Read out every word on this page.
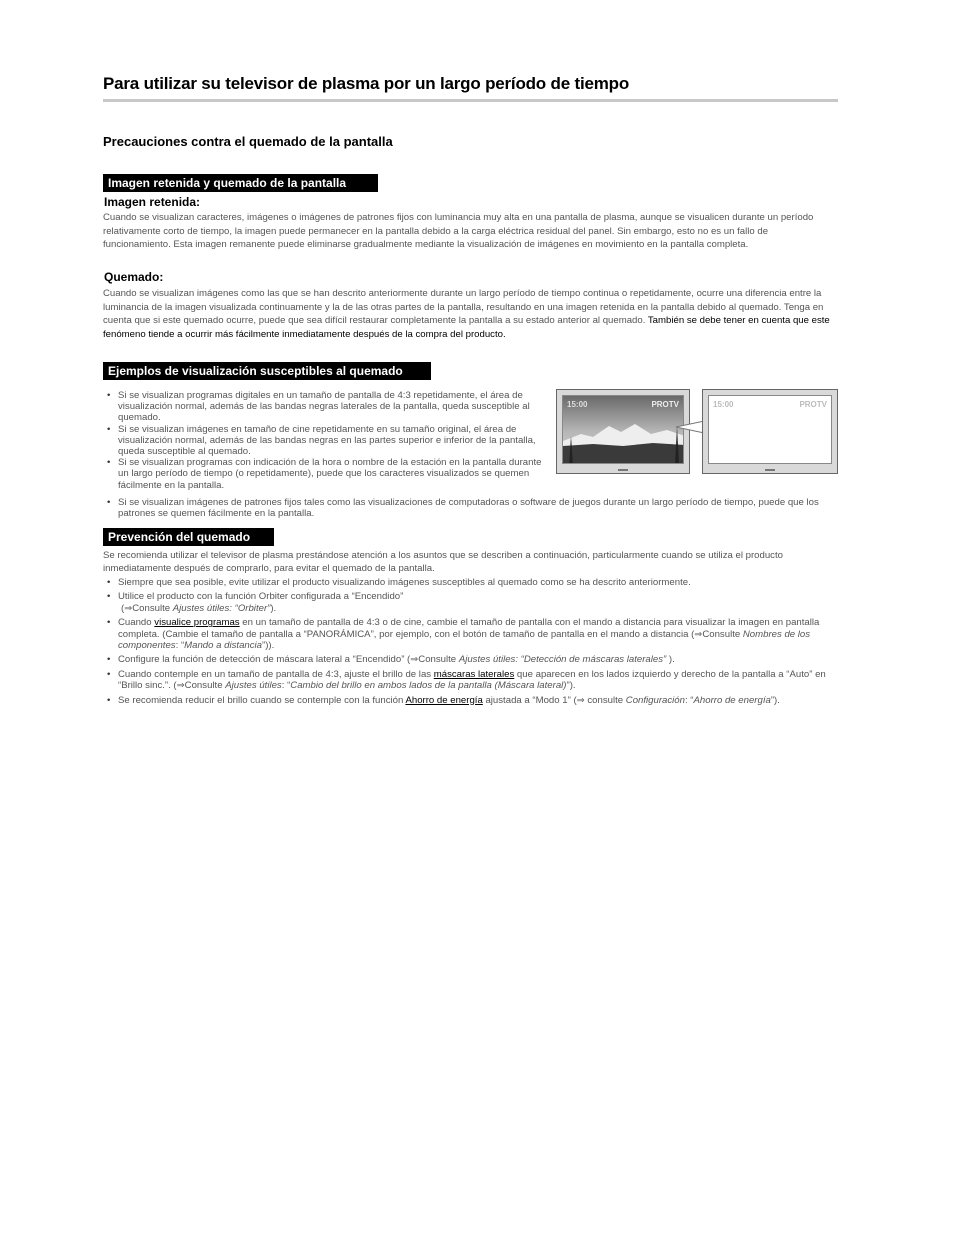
Para utilizar su televisor de plasma por un largo período de tiempo
Precauciones contra el quemado de la pantalla
Imagen retenida y quemado de la pantalla
Imagen retenida:

Cuando se visualizan caracteres, imágenes o imágenes de patrones fijos con luminancia muy alta en una pantalla de plasma, aunque se visualicen durante un período relativamente corto de tiempo, la imagen puede permanecer en la pantalla debido a la carga eléctrica residual del panel. Sin embargo, esto no es un fallo de funcionamiento. Esta imagen remanente puede eliminarse gradualmente mediante la visualización de imágenes en movimiento en la pantalla completa.

Quemado:

Cuando se visualizan imágenes como las que se han descrito anteriormente durante un largo período de tiempo continua o repetidamente, ocurre una diferencia entre la luminancia de la imagen visualizada continuamente y la de las otras partes de la pantalla, resultando en una imagen retenida en la pantalla debido al quemado. Tenga en cuenta que si este quemado ocurre, puede que sea difícil restaurar completamente la pantalla a su estado anterior al quemado. También se debe tener en cuenta que este fenómeno tiende a ocurrir más fácilmente inmediatamente después de la compra del producto.

Ejemplos de visualización susceptibles al quemado
• Si se visualizan programas digitales en un tamaño de pantalla de 4:3 repetidamente, el área de visualización normal, además de las bandas negras laterales de la pantalla, queda susceptible al quemado.
• Si se visualizan imágenes en tamaño de cine repetidamente en su tamaño original, el área de visualización normal, además de las bandas negras en las partes superior e inferior de la pantalla, queda susceptible al quemado.
• Si se visualizan programas con indicación de la hora o nombre de la estación en la pantalla durante un largo período de tiempo (o repetidamente), puede que los caracteres visualizados se quemen fácilmente en la pantalla.
• Si se visualizan imágenes de patrones fijos tales como las visualizaciones de computadoras o software de juegos durante un largo período de tiempo, puede que los patrones se quemen fácilmente en la pantalla.
15:00	PROTV	15:00	PROTV
Prevención del quemado

Se recomienda utilizar el televisor de plasma prestándose atención a los asuntos que se describen a continuación, particularmente cuando se utiliza el producto inmediatamente después de comprarlo, para evitar el quemado de la pantalla.

• Siempre que sea posible, evite utilizar el producto visualizando imágenes susceptibles al quemado como se ha descrito anteriormente.
• Utilice el producto con la función Orbiter configurada a “Encendido”
(⇒Consulte Ajustes útiles: “Orbiter”).
• Cuando visualice programas en un tamaño de pantalla de 4:3 o de cine, cambie el tamaño de pantalla con el mando a distancia para visualizar la imagen en pantalla completa. (Cambie el tamaño de pantalla a “PANORÁMICA”, por ejemplo, con el botón de tamaño de pantalla en el mando a distancia (⇒Consulte Nombres de los componentes: “Mando a distancia”)).
• Configure la función de detección de máscara lateral a “Encendido” (⇒Consulte Ajustes útiles: “Detección de máscaras laterales” ).
• Cuando contemple en un tamaño de pantalla de 4:3, ajuste el brillo de las máscaras laterales que aparecen en los lados izquierdo y derecho de la pantalla a “Auto” en “Brillo sinc.”. (⇒Consulte Ajustes útiles: “Cambio del brillo en ambos lados de la pantalla (Máscara lateral)”).
• Se recomienda reducir el brillo cuando se contemple con la función Ahorro de energía ajustada a “Modo 1” (⇒ consulte Configuración: “Ahorro de energía”).
